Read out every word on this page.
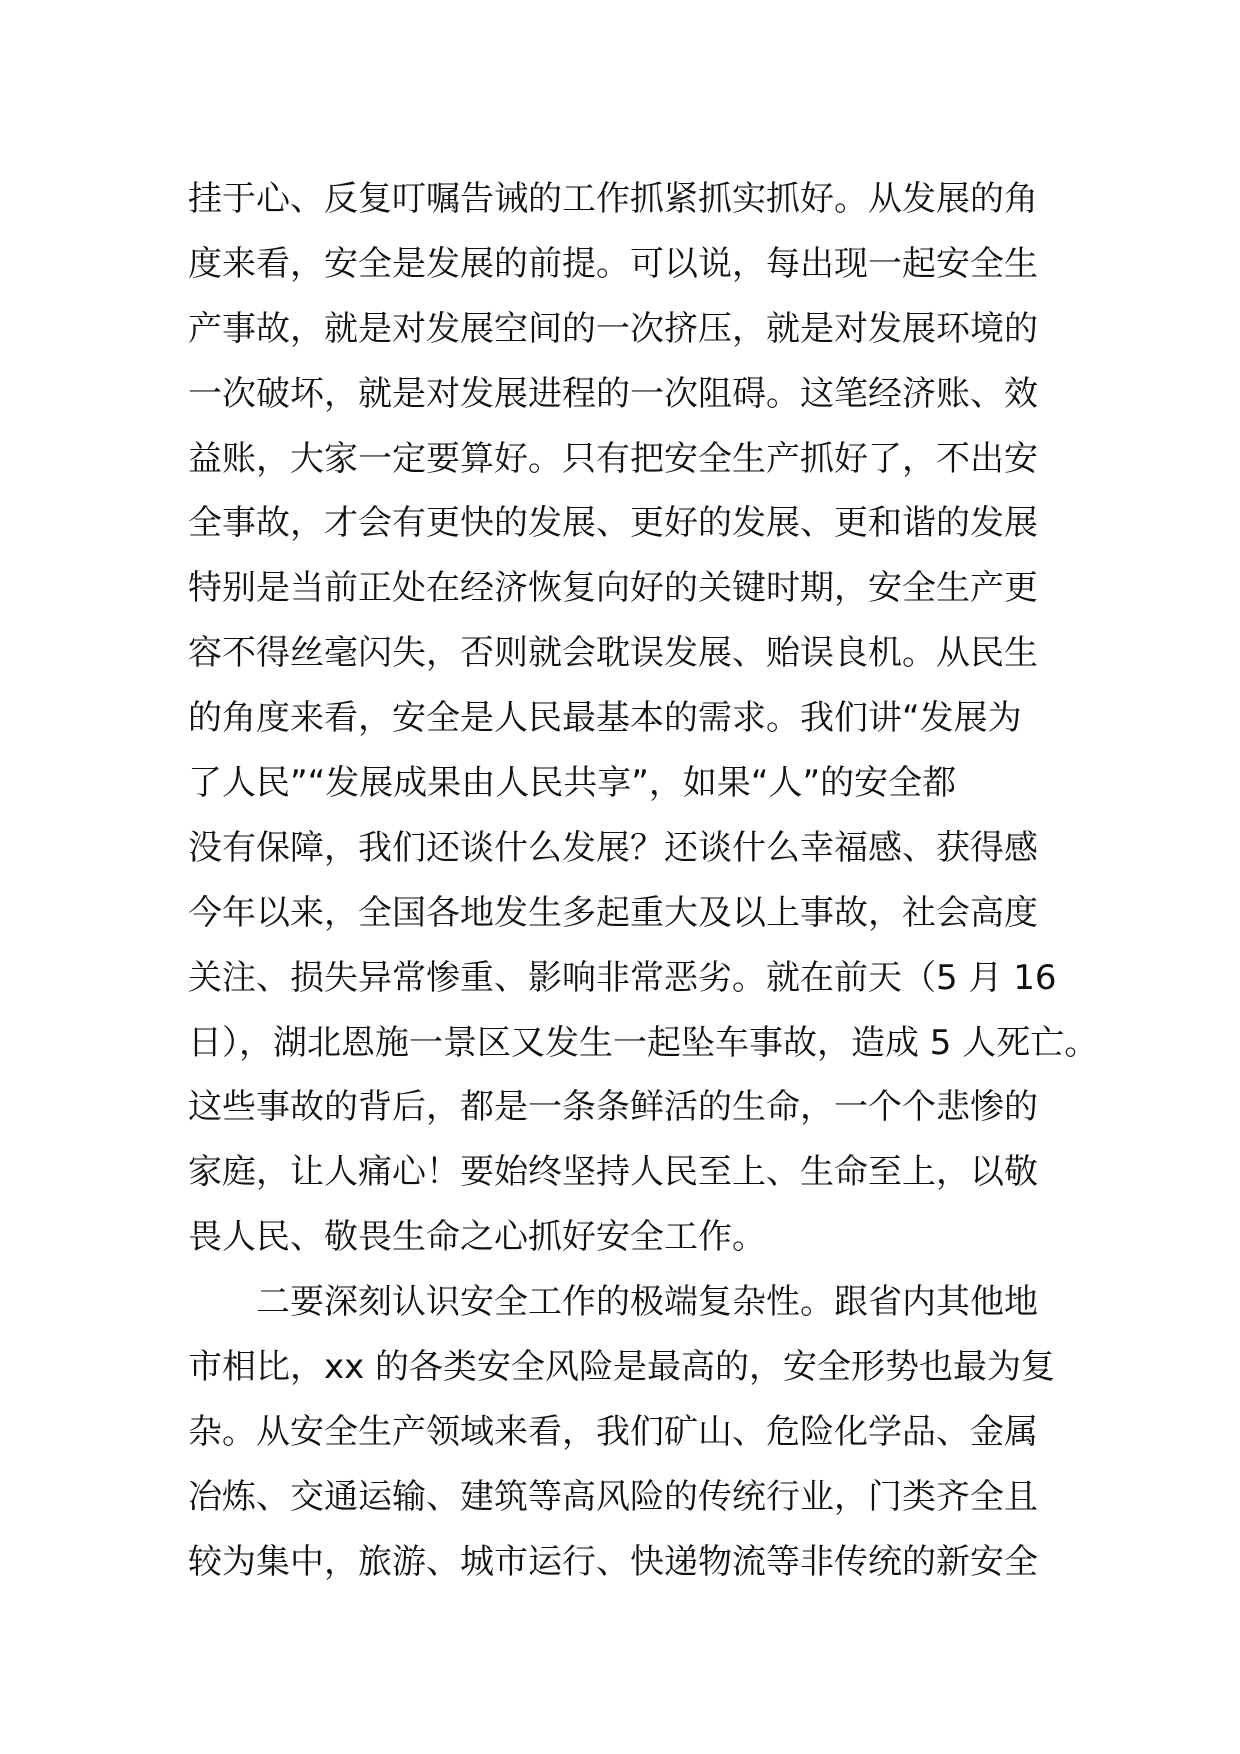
挂于心、反复叮嘱告诫的工作抓紧抓实抓好。从发展的角
度来看，安全是发展的前提。可以说，每出现一起安全生
产事故，就是对发展空间的一次挤压，就是对发展环境的
一次破坏，就是对发展进程的一次阻碍。这笔经济账、效
益账，大家一定要算好。只有把安全生产抓好了，不出安
全事故，才会有更快的发展、更好的发展、更和谐的发展
特别是当前正处在经济恢复向好的关键时期，安全生产更
容不得丝毫闪失，否则就会耽误发展、贻误良机。从民生
的角度来看，安全是人民最基本的需求。我们讲“发展为
了人民”“发展成果由人民共享”，如果“人”的安全都
没有保障，我们还谈什么发展？还谈什么幸福感、获得感
今年以来，全国各地发生多起重大及以上事故，社会高度
关注、损失异常惨重、影响非常恶劣。就在前天（5 月 16
日），湖北恩施一景区又发生一起坠车事故，造成 5 人死亡。
这些事故的背后，都是一条条鲜活的生命，一个个悲惨的
家庭，让人痛心！要始终坚持人民至上、生命至上，以敬
畏人民、敬畏生命之心抓好安全工作。
二要深刻认识安全工作的极端复杂性。跟省内其他地
市相比，xx 的各类安全风险是最高的，安全形势也最为复
杂。从安全生产领域来看，我们矿山、危险化学品、金属
冶炼、交通运输、建筑等高风险的传统行业，门类齐全且
较为集中，旅游、城市运行、快递物流等非传统的新安全
